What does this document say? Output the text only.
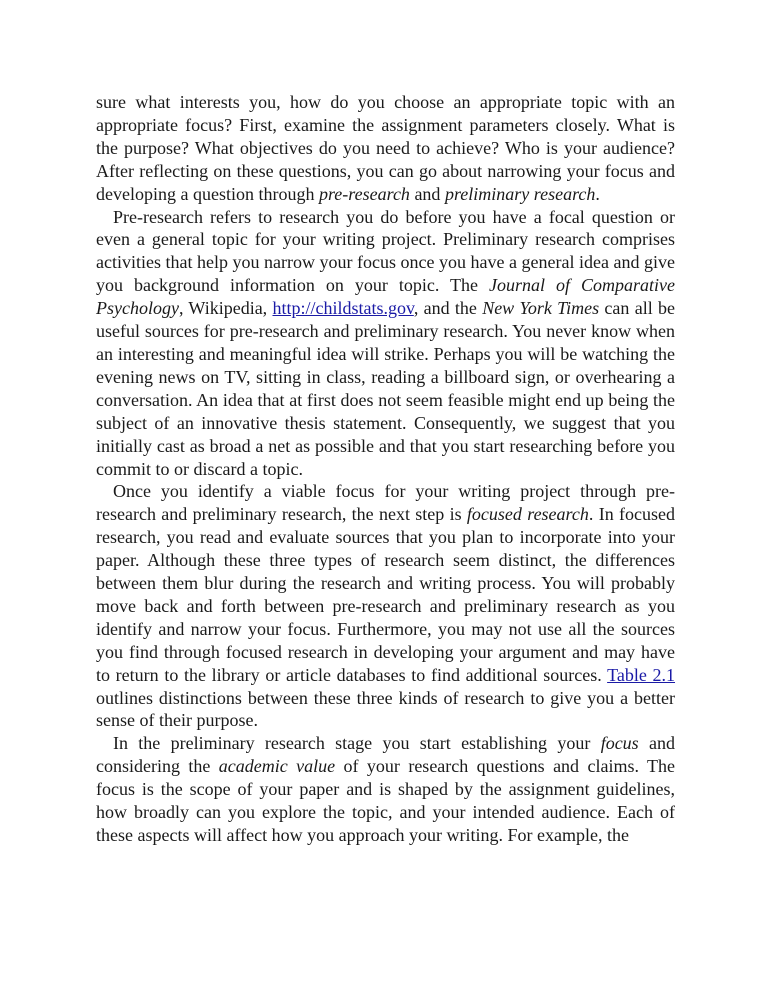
sure what interests you, how do you choose an appropriate topic with an appropriate focus? First, examine the assignment parameters closely. What is the purpose? What objectives do you need to achieve? Who is your audience? After reflecting on these questions, you can go about narrowing your focus and developing a question through pre-research and preliminary research.

Pre-research refers to research you do before you have a focal question or even a general topic for your writing project. Preliminary research comprises activities that help you narrow your focus once you have a general idea and give you background information on your topic. The Journal of Comparative Psychology, Wikipedia, http://childstats.gov, and the New York Times can all be useful sources for pre-research and preliminary research. You never know when an interesting and meaningful idea will strike. Perhaps you will be watching the evening news on TV, sitting in class, reading a billboard sign, or overhearing a conversation. An idea that at first does not seem feasible might end up being the subject of an innovative thesis statement. Consequently, we suggest that you initially cast as broad a net as possible and that you start researching before you commit to or discard a topic.

Once you identify a viable focus for your writing project through pre-research and preliminary research, the next step is focused research. In focused research, you read and evaluate sources that you plan to incorporate into your paper. Although these three types of research seem distinct, the differences between them blur during the research and writing process. You will probably move back and forth between pre-research and preliminary research as you identify and narrow your focus. Furthermore, you may not use all the sources you find through focused research in developing your argument and may have to return to the library or article databases to find additional sources. Table 2.1 outlines distinctions between these three kinds of research to give you a better sense of their purpose.

In the preliminary research stage you start establishing your focus and considering the academic value of your research questions and claims. The focus is the scope of your paper and is shaped by the assignment guidelines, how broadly can you explore the topic, and your intended audience. Each of these aspects will affect how you approach your writing. For example, the
